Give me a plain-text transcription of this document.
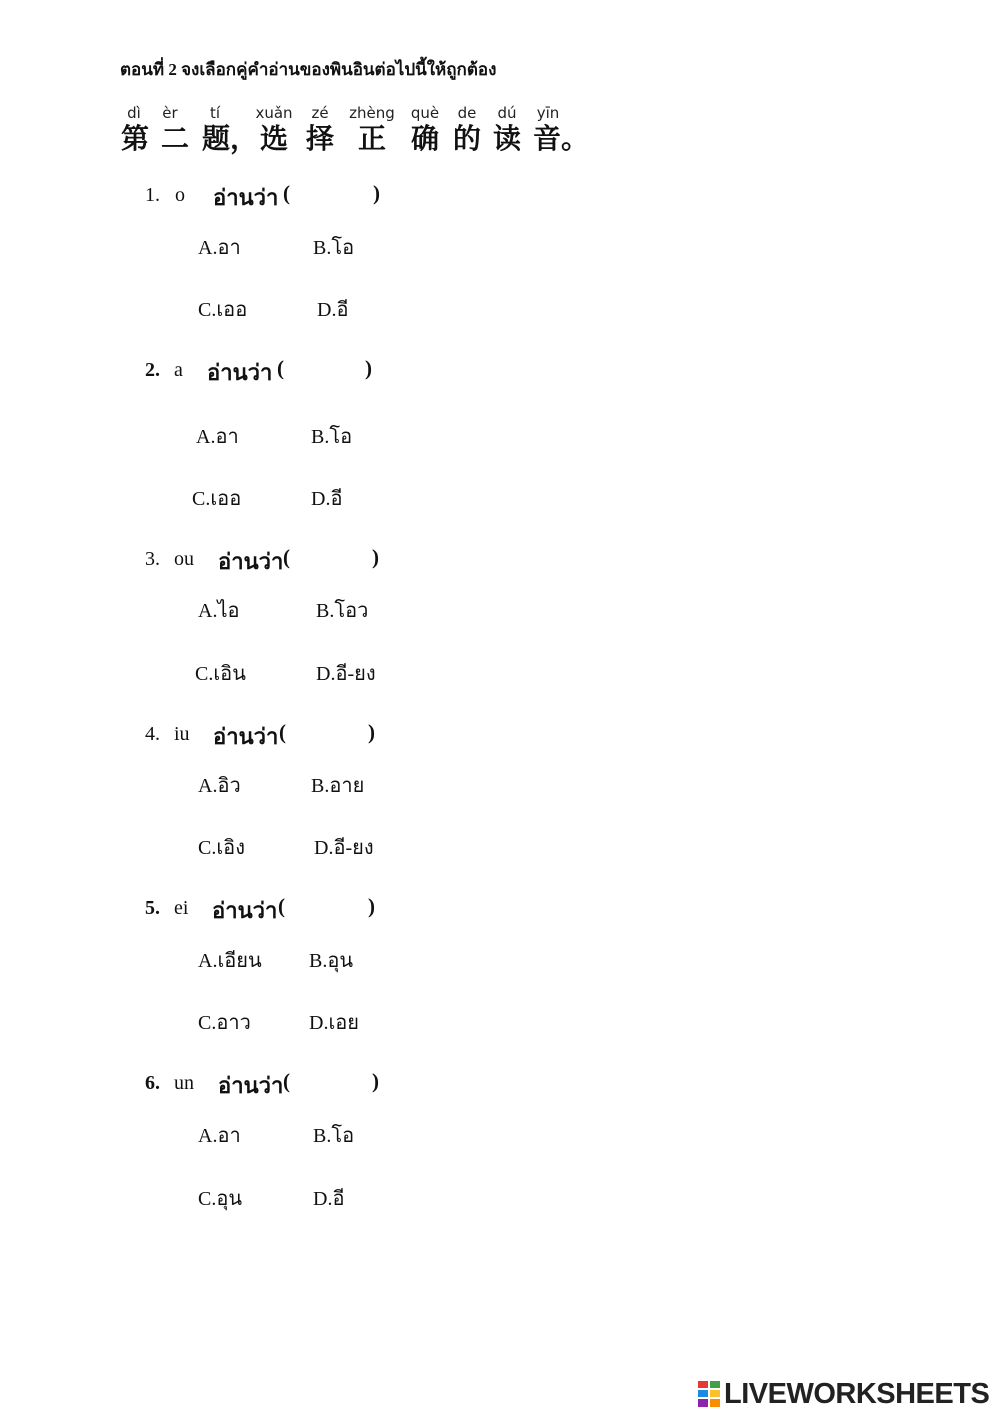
ตอนที่ 2 จงเลือกคู่คำอ่านของพินอินต่อไปนี้ให้ถูกต้อง
dì èr tí xuǎn zé zhèng què de dú yīn
第 二 题， 选 择 正 确 的 读 音。
1. o อ่านว่า (	)
A.อา	B.โอ
C.เออ	D.อี
2. a อ่านว่า (	)
A.อา	B.โอ
C.เออ	D.อี
3. ou อ่านว่า (	)
A.ไอ	B.โอว
C.เอิน	D.อี-ยง
4. iu อ่านว่า (	)
A.อิว	B.อาย
C.เอิง	D.อี-ยง
5. ei อ่านว่า (	)
A.เอียน B.อุน
C.อาว	D.เอย
6. un อ่านว่า (	)
A.อา	B.โอ
C.อุน	D.อี
LIVEWORKSHEETS
